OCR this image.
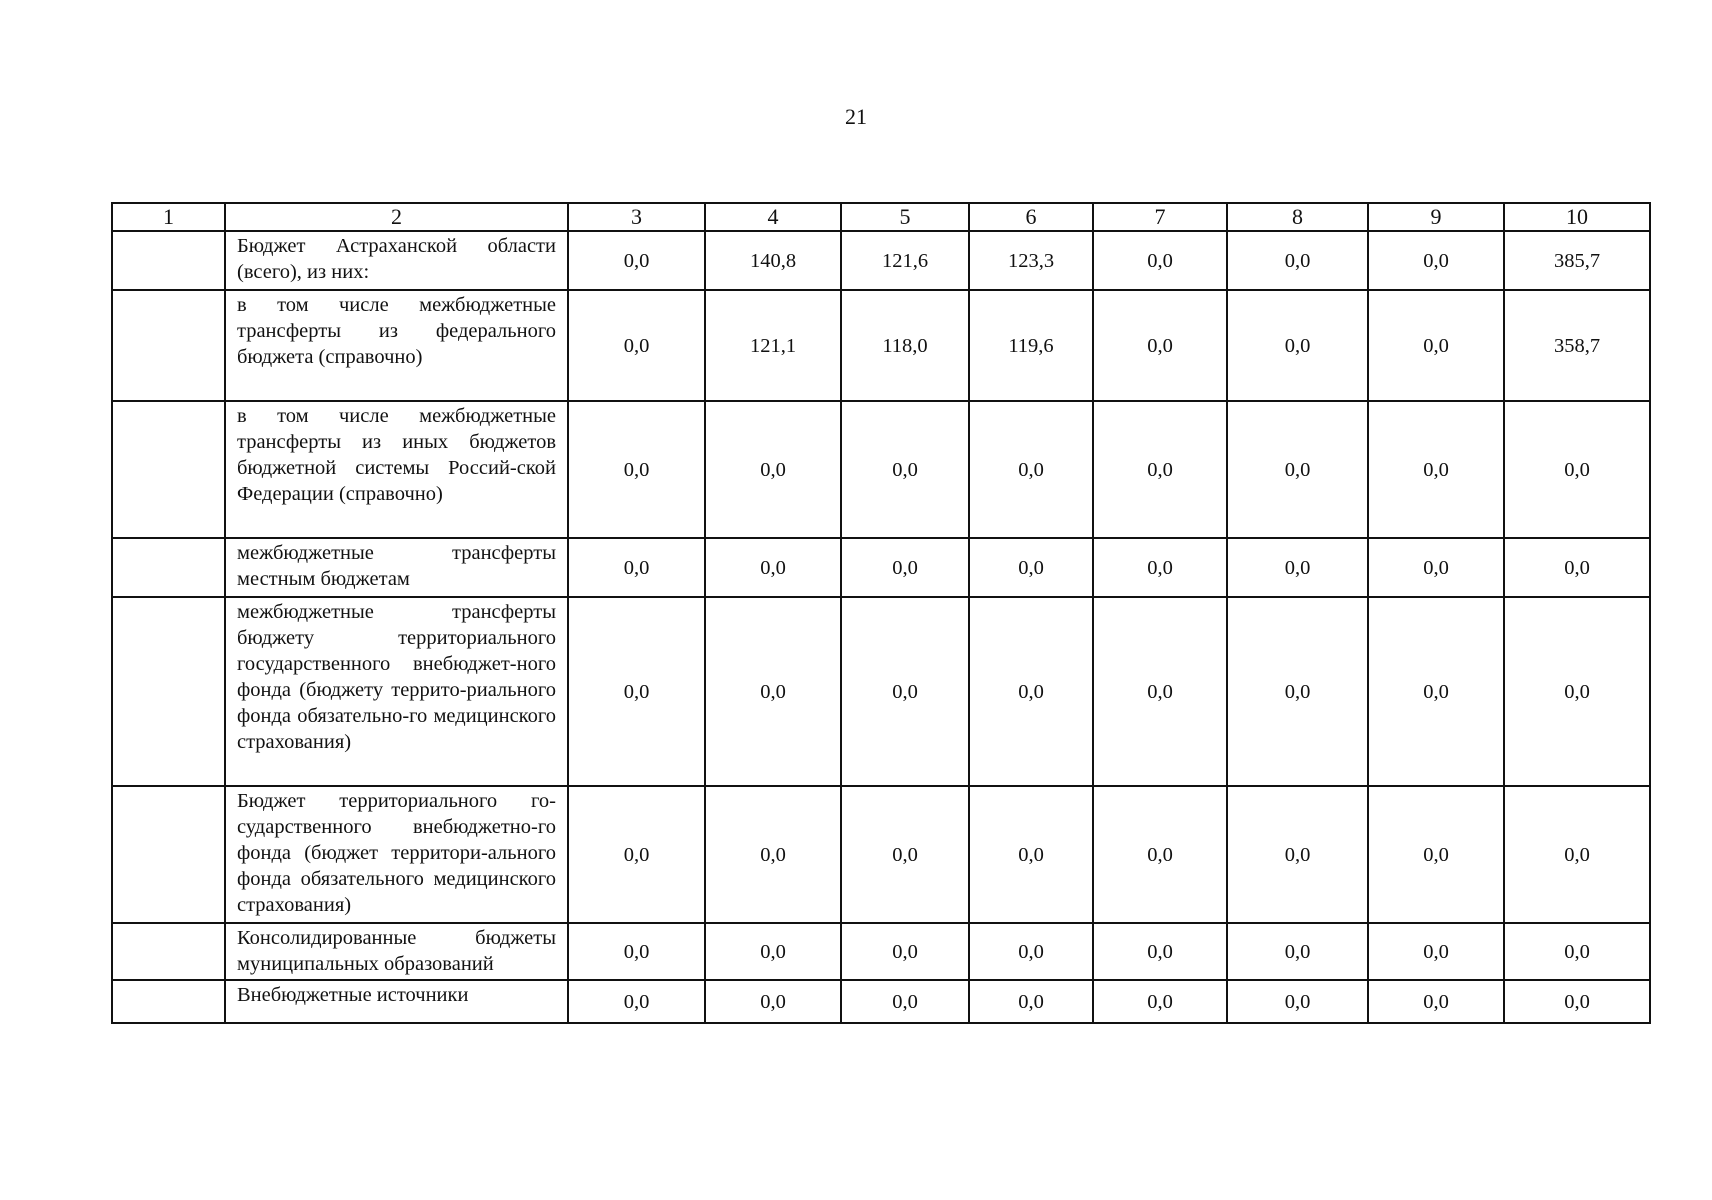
21
1	2	3	4	5	6	7	8	9	10
	Бюджет Астраханской области (всего), из них:	0,0	140,8	121,6	123,3	0,0	0,0	0,0	385,7
	в том числе межбюджетные трансферты из федерального бюджета (справочно)	0,0	121,1	118,0	119,6	0,0	0,0	0,0	358,7
	в том числе межбюджетные трансферты из иных бюджетов бюджетной системы Россий-ской Федерации (справочно)	0,0	0,0	0,0	0,0	0,0	0,0	0,0	0,0
	межбюджетные трансферты местным бюджетам	0,0	0,0	0,0	0,0	0,0	0,0	0,0	0,0
	межбюджетные трансферты бюджету территориального государственного внебюджет-ного фонда (бюджету террито-риального фонда обязательно-го медицинского страхования)	0,0	0,0	0,0	0,0	0,0	0,0	0,0	0,0
	Бюджет территориального го-сударственного внебюджетно-го фонда (бюджет территори-ального фонда обязательного медицинского страхования)	0,0	0,0	0,0	0,0	0,0	0,0	0,0	0,0
	Консолидированные бюджеты муниципальных образований	0,0	0,0	0,0	0,0	0,0	0,0	0,0	0,0
	Внебюджетные источники	0,0	0,0	0,0	0,0	0,0	0,0	0,0	0,0
